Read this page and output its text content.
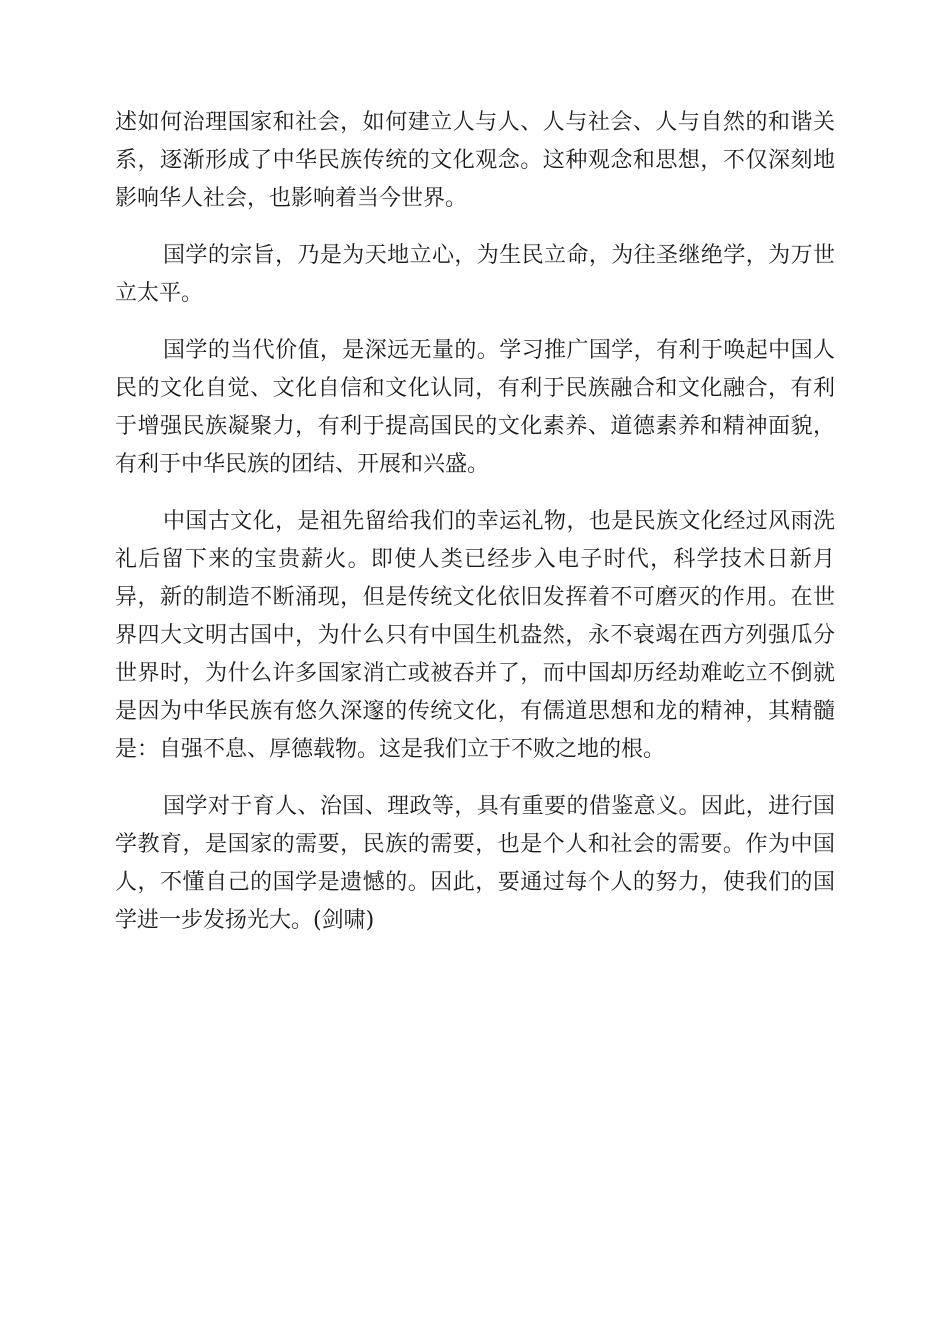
述如何治理国家和社会，如何建立人与人、人与社会、人与自然的和谐关
系，逐渐形成了中华民族传统的文化观念。这种观念和思想，不仅深刻地
影响华人社会，也影响着当今世界。
国学的宗旨，乃是为天地立心，为生民立命，为往圣继绝学，为万世
立太平。
国学的当代价值，是深远无量的。学习推广国学，有利于唤起中国人
民的文化自觉、文化自信和文化认同，有利于民族融合和文化融合，有利
于增强民族凝聚力，有利于提高国民的文化素养、道德素养和精神面貌，
有利于中华民族的团结、开展和兴盛。
中国古文化，是祖先留给我们的幸运礼物，也是民族文化经过风雨洗
礼后留下来的宝贵薪火。即使人类已经步入电子时代，科学技术日新月
异，新的制造不断涌现，但是传统文化依旧发挥着不可磨灭的作用。在世
界四大文明古国中，为什么只有中国生机盎然，永不衰竭在西方列强瓜分
世界时，为什么许多国家消亡或被吞并了，而中国却历经劫难屹立不倒就
是因为中华民族有悠久深邃的传统文化，有儒道思想和龙的精神，其精髓
是：自强不息、厚德载物。这是我们立于不败之地的根。
国学对于育人、治国、理政等，具有重要的借鉴意义。因此，进行国
学教育，是国家的需要，民族的需要，也是个人和社会的需要。作为中国
人，不懂自己的国学是遗憾的。因此，要通过每个人的努力，使我们的国
学进一步发扬光大。(剑啸)
